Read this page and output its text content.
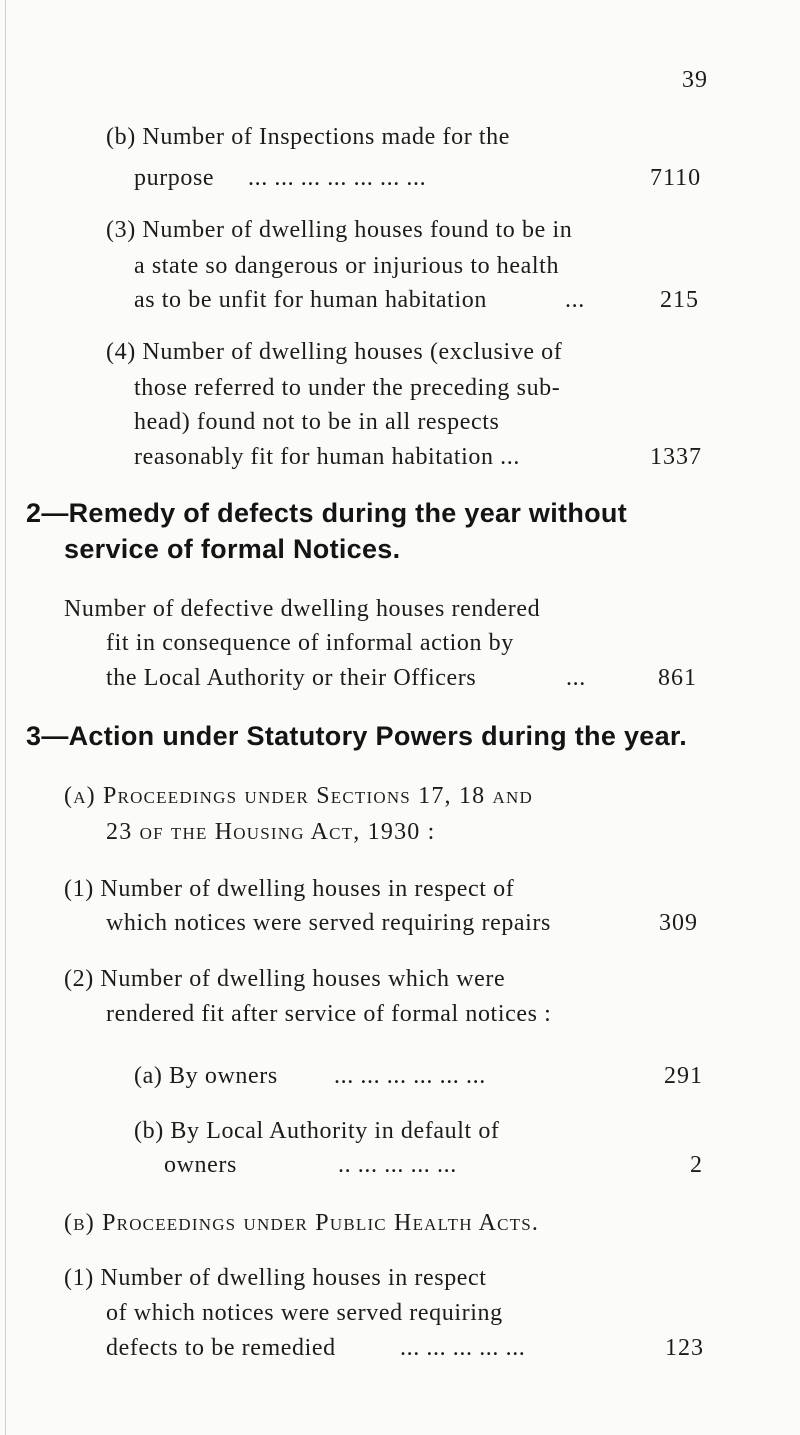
39
(b) Number of Inspections made for the
purpose ... ... ... ... ... ... ...	7110
(3) Number of dwelling houses found to be in
a state so dangerous or injurious to health
as to be unfit for human habitation	...	215
(4) Number of dwelling houses (exclusive of
those referred to under the preceding sub-
head) found not to be in all respects
reasonably fit for human habitation ...	1337
2—Remedy of defects during the year without
service of formal Notices.
Number of defective dwelling houses rendered
fit in consequence of informal action by
the Local Authority or their Officers	...	861
3—Action under Statutory Powers during the year.
(a) Proceedings under Sections 17, 18 and
23 of the Housing Act, 1930 :
(1) Number of dwelling houses in respect of
which notices were served requiring repairs	309
(2) Number of dwelling houses which were
rendered fit after service of formal notices :
(a) By owners ... ... ... ... ... ...	291
(b) By Local Authority in default of
owners	.. ... ... ... ...	2
(b) Proceedings under Public Health Acts.
(1) Number of dwelling houses in respect
of which notices were served requiring
defects to be remedied	... ... ... ... ...	123
